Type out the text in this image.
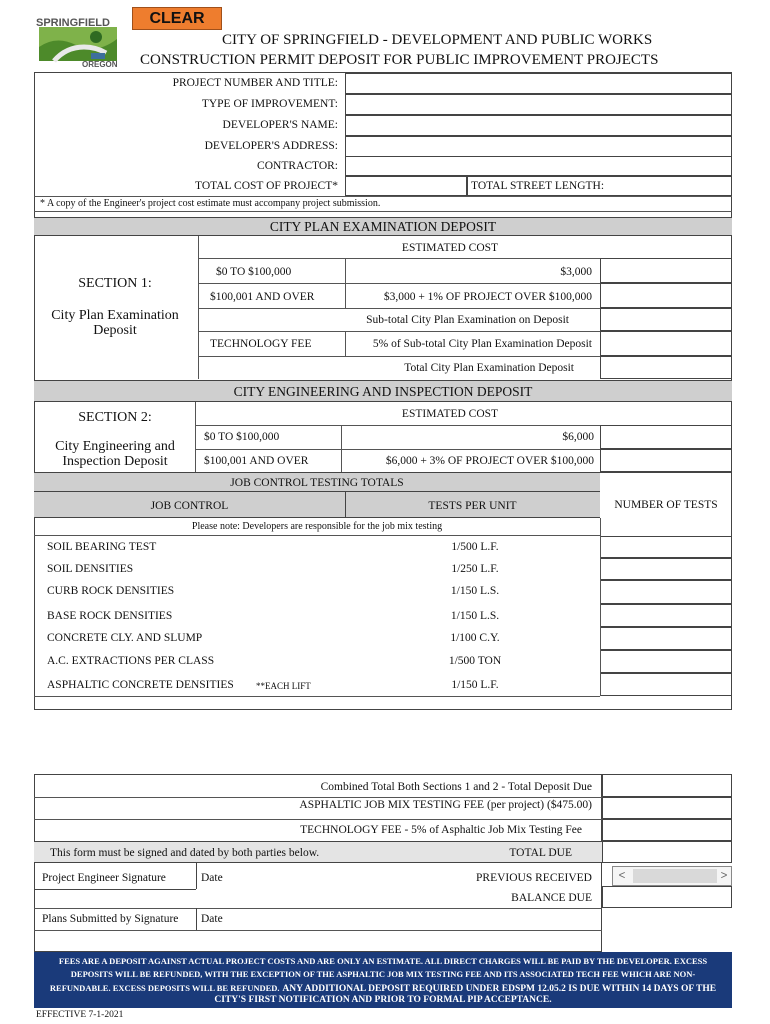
CLEAR
SPRINGFIELD
OREGON
CITY OF SPRINGFIELD - DEVELOPMENT AND PUBLIC WORKS
CONSTRUCTION PERMIT DEPOSIT FOR PUBLIC IMPROVEMENT PROJECTS
PROJECT NUMBER AND TITLE:
TYPE OF IMPROVEMENT:
DEVELOPER'S NAME:
DEVELOPER'S ADDRESS:
CONTRACTOR:
TOTAL COST OF PROJECT*	TOTAL STREET LENGTH:
* A copy of the Engineer's project cost estimate must accompany project submission.
CITY PLAN EXAMINATION DEPOSIT
ESTIMATED COST
SECTION 1:
City Plan Examination
Deposit
$0 TO $100,000	$3,000
$100,001 AND OVER	$3,000 + 1% OF PROJECT OVER $100,000
Sub-total City Plan Examination on Deposit
TECHNOLOGY FEE	5% of Sub-total City Plan Examination Deposit
Total City Plan Examination Deposit
CITY ENGINEERING AND INSPECTION DEPOSIT
ESTIMATED COST
SECTION 2:
City Engineering and
Inspection Deposit
$0 TO $100,000	$6,000
$100,001 AND OVER	$6,000 + 3% OF PROJECT OVER $100,000
JOB CONTROL TESTING TOTALS
JOB CONTROL	TESTS PER UNIT	NUMBER OF TESTS
Please note: Developers are responsible for the job mix testing
SOIL BEARING TEST	1/500 L.F.
SOIL DENSITIES	1/250 L.F.
CURB ROCK DENSITIES	1/150 L.S.
BASE ROCK DENSITIES	1/150 L.S.
CONCRETE CLY. AND SLUMP	1/100 C.Y.
A.C. EXTRACTIONS PER CLASS	1/500 TON
ASPHALTIC CONCRETE DENSITIES **EACH LIFT	1/150 L.F.
Combined Total Both Sections 1 and 2 - Total Deposit Due
ASPHALTIC JOB MIX TESTING FEE (per project) ($475.00)
TECHNOLOGY FEE - 5% of Asphaltic Job Mix Testing Fee
This form must be signed and dated by both parties below.	TOTAL DUE
Project Engineer Signature	Date	PREVIOUS RECEIVED	<	>
BALANCE DUE
Plans Submitted by Signature Date
FEES ARE A DEPOSIT AGAINST ACTUAL PROJECT COSTS AND ARE ONLY AN ESTIMATE. ALL DIRECT CHARGES WILL BE PAID BY THE DEVELOPER. EXCESS
DEPOSITS WILL BE REFUNDED, WITH THE EXCEPTION OF THE ASPHALTIC JOB MIX TESTING FEE AND ITS ASSOCIATED TECH FEE WHICH ARE NON-
REFUNDABLE. EXCESS DEPOSITS WILL BE REFUNDED. ANY ADDITIONAL DEPOSIT REQUIRED UNDER EDSPM 12.05.2 IS DUE WITHIN 14 DAYS OF THE
CITY'S FIRST NOTIFICATION AND PRIOR TO FORMAL PIP ACCEPTANCE.
EFFECTIVE 7-1-2021
